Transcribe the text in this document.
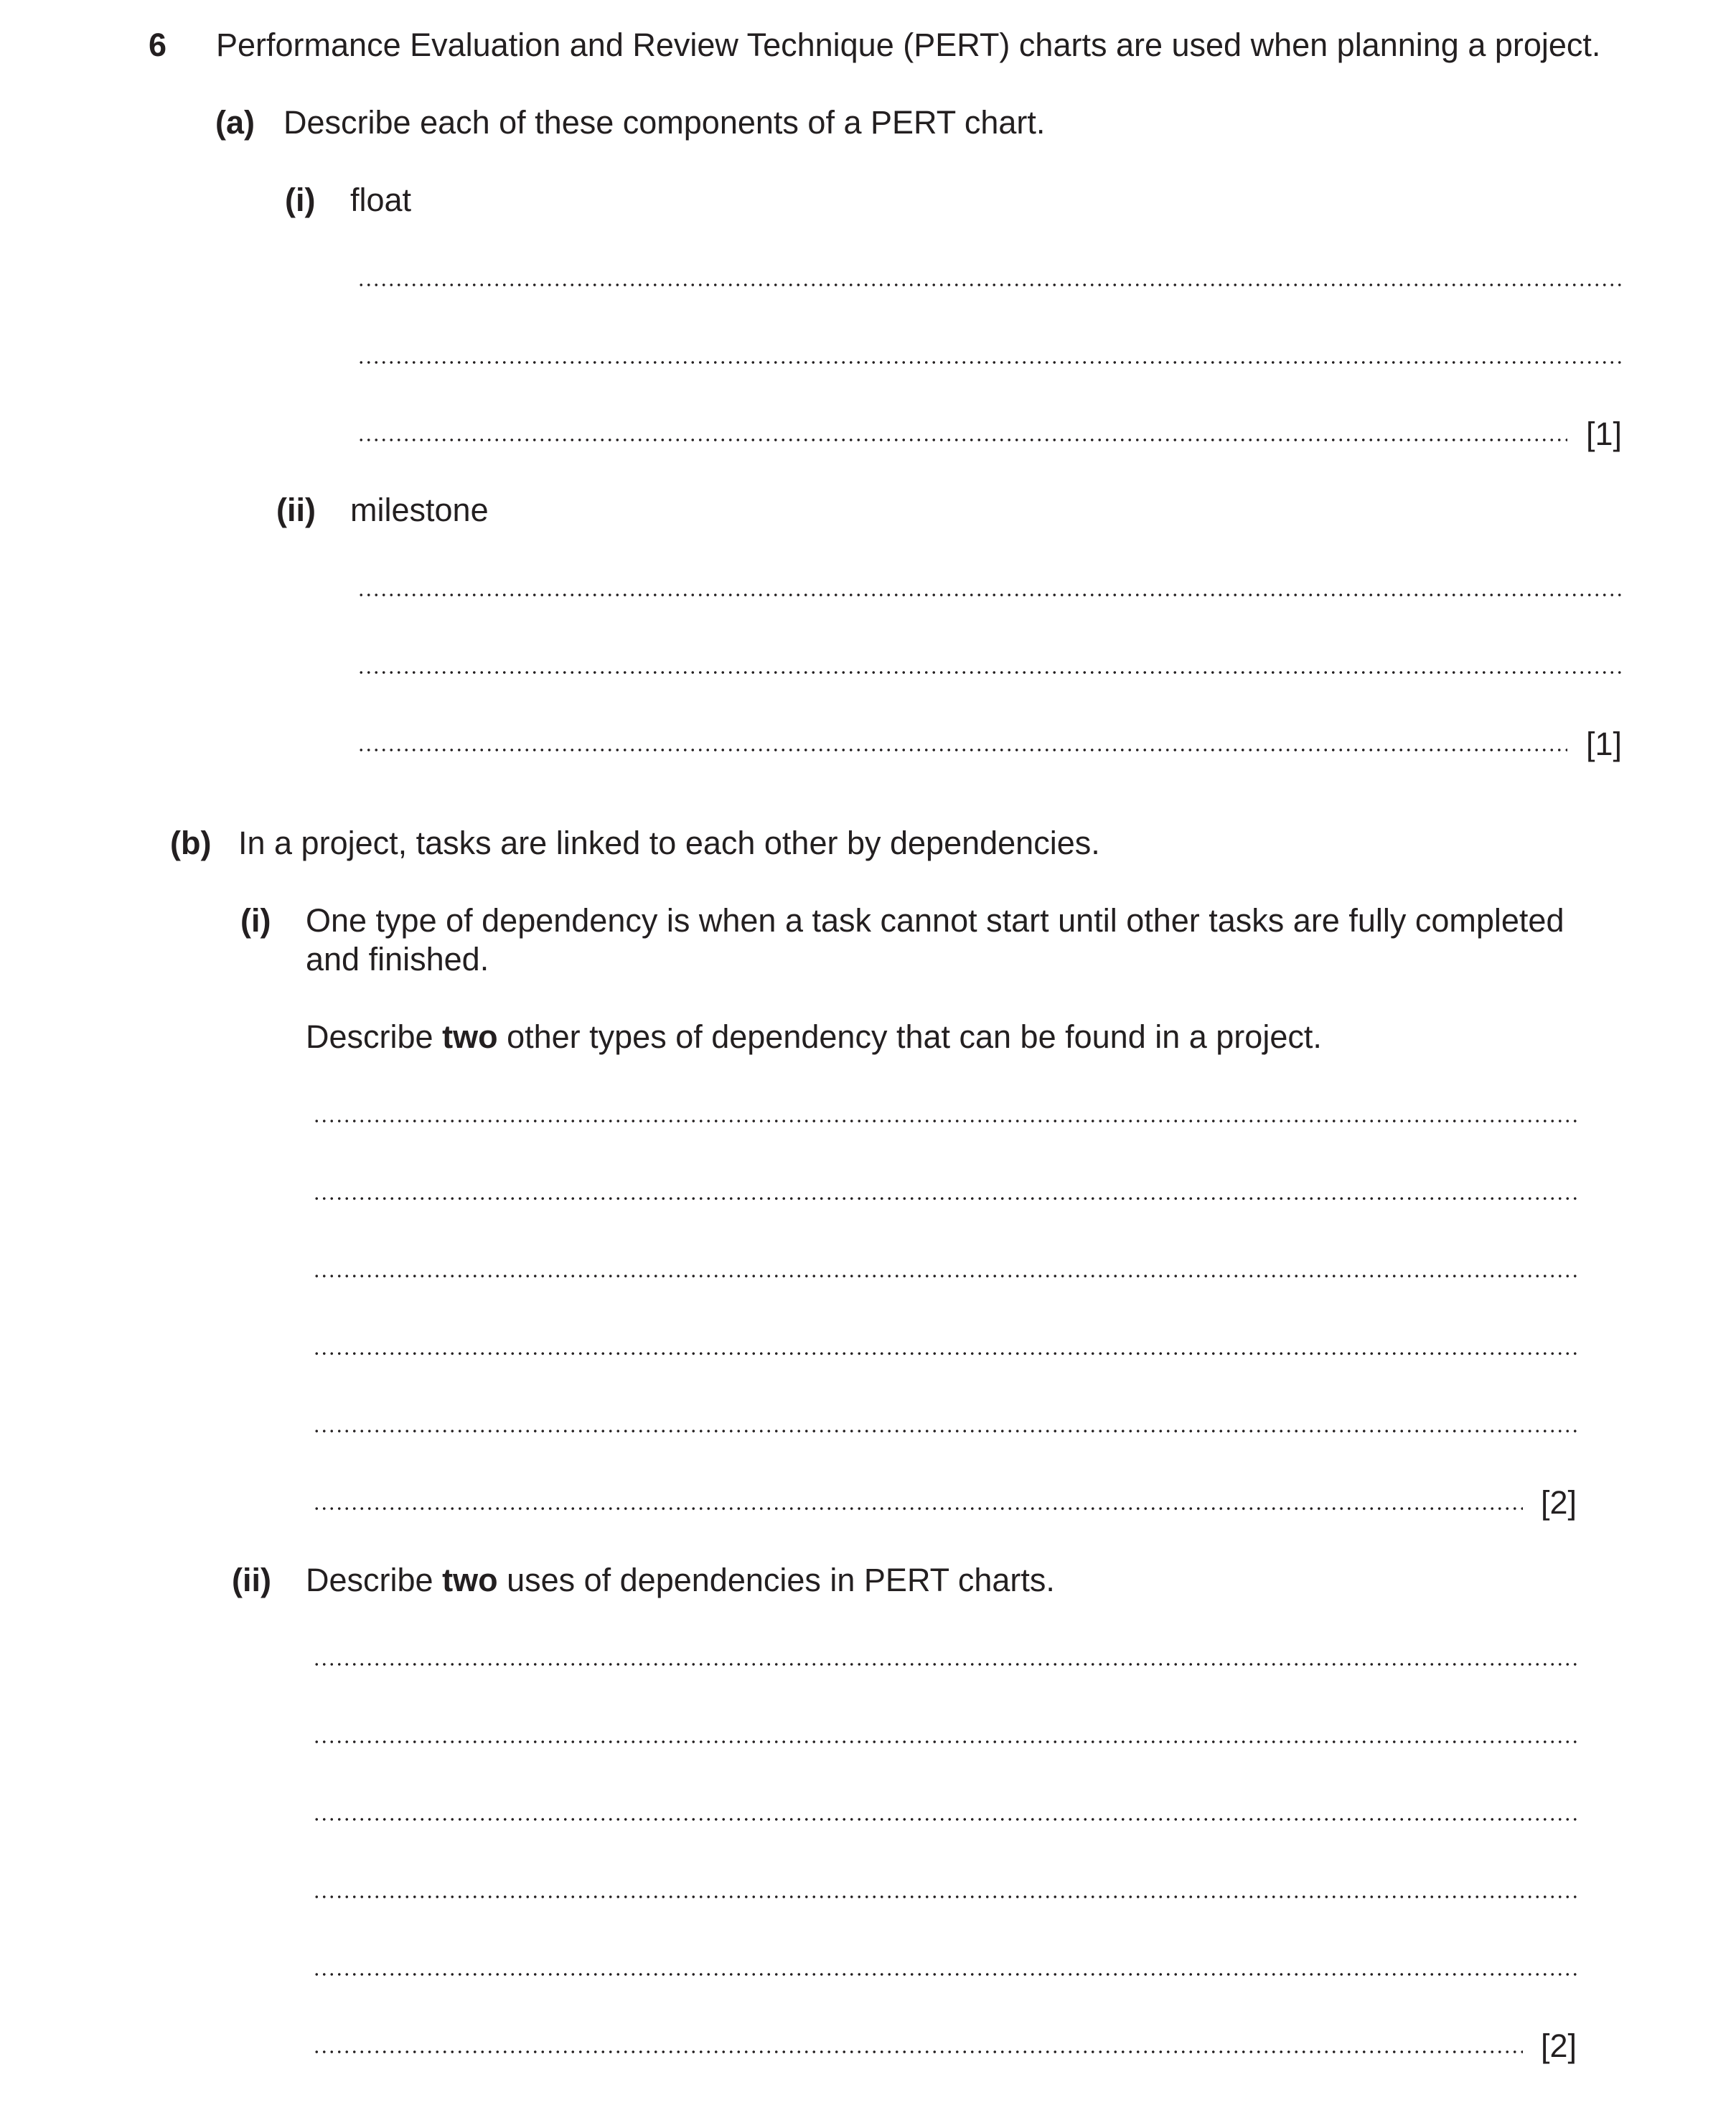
6 Performance Evaluation and Review Technique (PERT) charts are used when planning a project.
(a) Describe each of these components of a PERT chart.
(i) float
[1]
(ii) milestone
[1]
(b) In a project, tasks are linked to each other by dependencies.
(i) One type of dependency is when a task cannot start until other tasks are fully completed
and finished.
Describe two other types of dependency that can be found in a project.
[2]
(ii) Describe two uses of dependencies in PERT charts.
[2]
